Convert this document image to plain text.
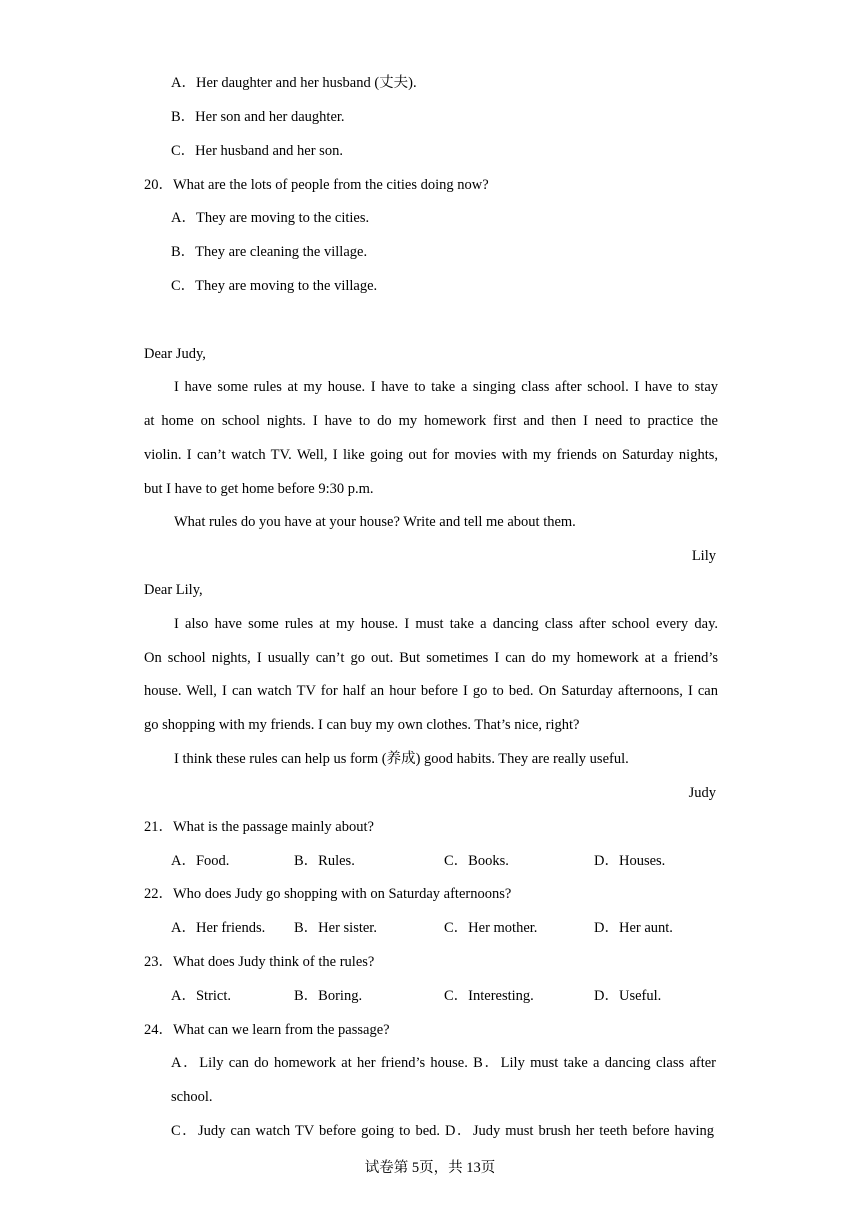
A．Her daughter and her husband (丈夫).
B．Her son and her daughter.
C．Her husband and her son.
20．What are the lots of people from the cities doing now?
A．They are moving to the cities.
B．They are cleaning the village.
C．They are moving to the village.
Dear Judy,
I have some rules at my house. I have to take a singing class after school. I have to stay
at home on school nights. I have to do my homework first and then I need to practice the
violin. I can’t watch TV. Well, I like going out for movies with my friends on Saturday nights,
but I have to get home before 9:30 p.m.
What rules do you have at your house? Write and tell me about them.
Lily
Dear Lily,
I also have some rules at my house. I must take a dancing class after school every day.
On school nights, I usually can’t go out. But sometimes I can do my homework at a friend’s
house. Well, I can watch TV for half an hour before I go to bed. On Saturday afternoons, I can
go shopping with my friends. I can buy my own clothes. That’s nice, right?
I think these rules can help us form (养成) good habits. They are really useful.
Judy
21．What is the passage mainly about?
A．Food.	B．Rules.	C．Books.	D．Houses.
22．Who does Judy go shopping with on Saturday afternoons?
A．Her friends. B．Her sister.	C．Her mother.	D．Her aunt.
23．What does Judy think of the rules?
A．Strict.	B．Boring.	C．Interesting.	D．Useful.
24．What can we learn from the passage?
A．Lily can do homework at her friend’s house. B．Lily must take a dancing class after
school.
C．Judy can watch TV before going to bed. D．Judy must brush her teeth before having
试卷第 5页，共 13页
